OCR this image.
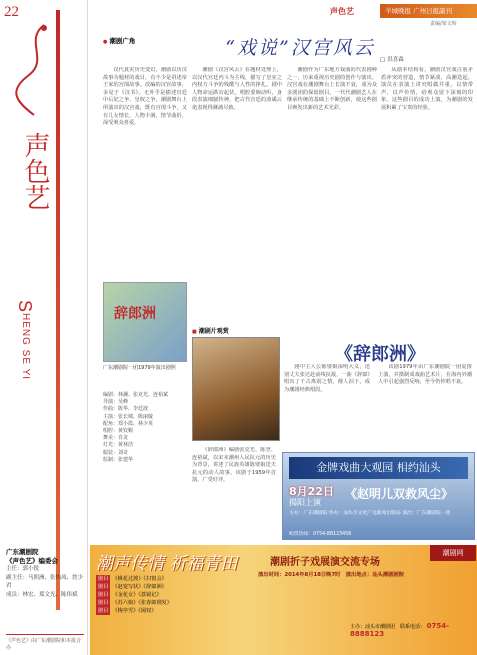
22
声色艺
SHENG SE YI
广东潮剧院
《声色艺》编委会
主任：郭小锐
副主任：马照洲、张怡凤、詹少君
成员：林宏、郑文光、陈伟斌
《声色艺》由广东潮剧院和本报合办
声色艺	羊城晚报 广州日报副刊
责编/梁文辉
● 潮剧广角	“戏说”汉宫风云
□ 洪喜森

汉代真实历史变幻，潮剧以历汉故事为题材的戏目，有不少是讲述帝王家的宫闱故事。改编的汉宫故事，多见于《汉书》，无外乎是描述宫廷中后妃之争、皇权之争。潮剧舞台上所演出的汉宫戏，既有宫闱斗争，又有儿女情长，人物丰满，情节曲折，深受观众喜爱。

潮剧《汉宫风云》在题材处理上，以汉代宫廷内斗为主线，描写了皇室之内权力斗争的残酷与人性的挣扎。剧中人物命运跌宕起伏，唱腔委婉动听，身段表演细腻传神，把古代宫廷的波谲云诡表现得淋漓尽致。

潮剧作为广东地方戏曲的代表剧种之一，历来重视历史剧的创作与演出。汉宫戏在潮剧舞台上长演不衰，成为众多剧团的保留剧目。一代代潮剧艺人在继承传统的基础上不断创新，使这些剧目焕发出新的艺术光彩。

从剧本结构看，潮剧汉宫戏注重矛盾冲突的营造，情节紧凑，高潮迭起。演员在表演上讲究唱做并重，以情带声，以声传情，给观众留下深刻的印象。这些剧目的成功上演，为潮剧的发展积累了宝贵的经验。

辞郎洲
广东潮剧院一团1979年演出剧照
编剧：林澜、张克光、连裕斌
导演：吴峰
作曲：陈华、李廷波
主演：张长城、陈丽璇
配角：郑小霞、林少英
唱腔：黄钦赐
舞美：肖龙
灯光：黄林浩
服装：刘奇
监制：张建华
■ 潮剧片观赏
《辞郎洲》

《辞郎洲》编剧张克光、陈登、连裕斌，以宋末潮州人民抗元的历史为背景，讲述了民族英雄陈璧娘送夫抗元的动人故事。该剧于1959年首演，广受好评。

剧中主人公陈璧娘深明大义，送别丈夫张达赴前线抗敌，一曲《辞郎》唱出了千古离别之情，催人泪下，成为潮剧经典唱段。

该剧1979年由广东潮剧院一团复排上演，并摄制成戏曲艺术片，在海内外潮人中引起强烈反响，至今仍传唱不衰。

金牌戏曲大观园 相约汕头
8月22日
揭阳上演
《赵明儿双救风尘》
主办：广东潮剧院 协办：汕头市文化广电新闻出版局 演出：广东潮剧院一团
购票热线：0754-88123456
潮声传情 祈福青田	潮剧折子戏展演交流专场
剧目 《桃花过渡》《扫窗会》
剧目 《赵宠写状》《辞郎洲》
剧目 《金花女》《荔镜记》
剧目 《苏六娘》《张春郎削发》
剧目 《梅亭雪》《闹钗》
演出时间：2014年8月18日晚7时　演出地点：汕头潮剧剧院
主办：汕头市潮剧团　联系电话： 0754-8888123
潮剧网
